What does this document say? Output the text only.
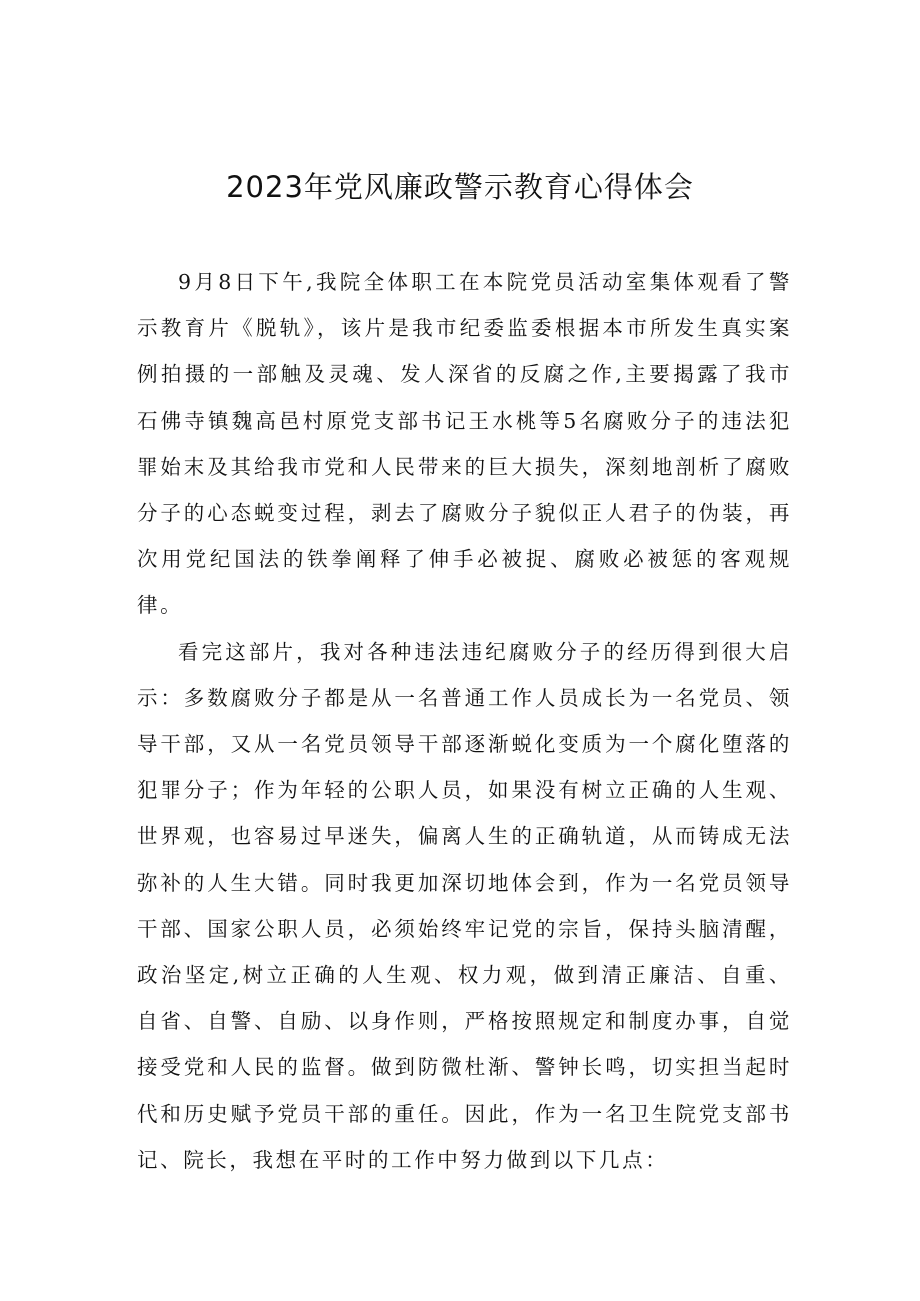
2023年党风廉政警示教育心得体会

9月8日下午,我院全体职工在本院党员活动室集体观看了警示教育片《脱轨》，该片是我市纪委监委根据本市所发生真实案例拍摄的一部触及灵魂、发人深省的反腐之作,主要揭露了我市石佛寺镇魏高邑村原党支部书记王水桃等5名腐败分子的违法犯罪始末及其给我市党和人民带来的巨大损失，深刻地剖析了腐败分子的心态蜕变过程，剥去了腐败分子貌似正人君子的伪装，再次用党纪国法的铁拳阐释了伸手必被捉、腐败必被惩的客观规律。

看完这部片，我对各种违法违纪腐败分子的经历得到很大启示：多数腐败分子都是从一名普通工作人员成长为一名党员、领导干部，又从一名党员领导干部逐渐蜕化变质为一个腐化堕落的犯罪分子；作为年轻的公职人员，如果没有树立正确的人生观、世界观，也容易过早迷失，偏离人生的正确轨道，从而铸成无法弥补的人生大错。同时我更加深切地体会到，作为一名党员领导干部、国家公职人员，必须始终牢记党的宗旨，保持头脑清醒，政治坚定,树立正确的人生观、权力观，做到清正廉洁、自重、自省、自警、自励、以身作则，严格按照规定和制度办事，自觉接受党和人民的监督。做到防微杜渐、警钟长鸣，切实担当起时代和历史赋予党员干部的重任。因此，作为一名卫生院党支部书记、院长，我想在平时的工作中努力做到以下几点：
